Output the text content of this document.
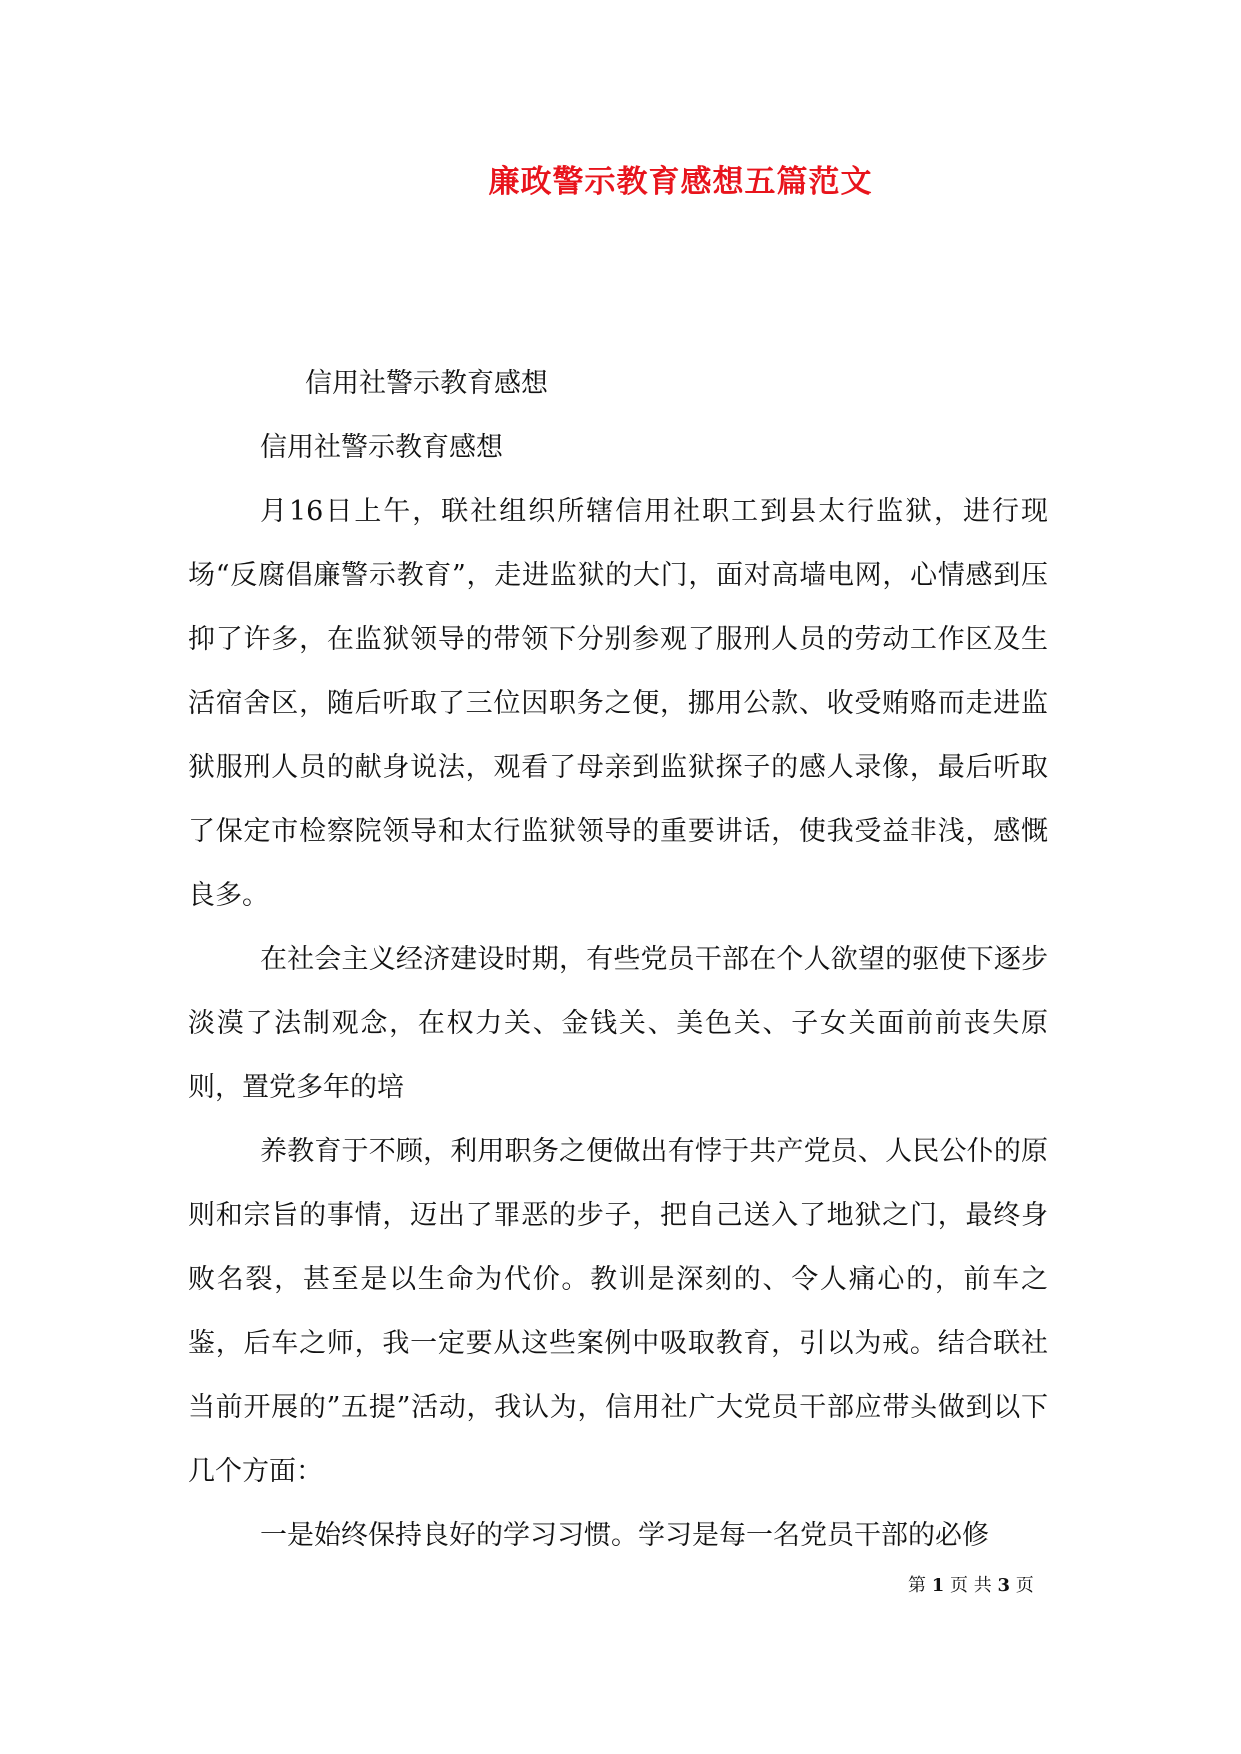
廉政警示教育感想五篇范文

信用社警示教育感想

信用社警示教育感想

月16日上午，联社组织所辖信用社职工到县太行监狱，进行现场“反腐倡廉警示教育”，走进监狱的大门，面对高墙电网，心情感到压抑了许多，在监狱领导的带领下分别参观了服刑人员的劳动工作区及生活宿舍区，随后听取了三位因职务之便，挪用公款、收受贿赂而走进监狱服刑人员的献身说法，观看了母亲到监狱探子的感人录像，最后听取了保定市检察院领导和太行监狱领导的重要讲话，使我受益非浅，感慨良多。

在社会主义经济建设时期，有些党员干部在个人欲望的驱使下逐步淡漠了法制观念，在权力关、金钱关、美色关、子女关面前前丧失原则，置党多年的培

养教育于不顾，利用职务之便做出有悖于共产党员、人民公仆的原则和宗旨的事情，迈出了罪恶的步子，把自己送入了地狱之门，最终身败名裂，甚至是以生命为代价。教训是深刻的、令人痛心的，前车之鉴，后车之师，我一定要从这些案例中吸取教育，引以为戒。结合联社当前开展的”五提”活动，我认为，信用社广大党员干部应带头做到以下几个方面：

一是始终保持良好的学习习惯。学习是每一名党员干部的必修

第 1 页 共 3 页
